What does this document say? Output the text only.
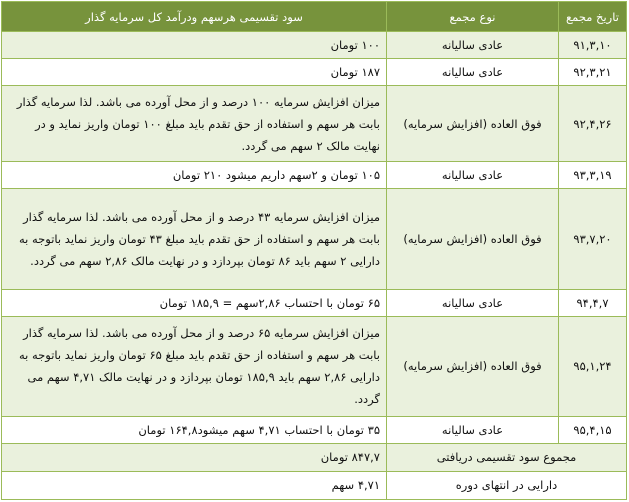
تاریخ مجمع	نوع مجمع	سود تقسیمی هرسهم ودرآمد کل سرمایه گذار
۹۱,۳,۱۰	عادی سالیانه	۱۰۰ تومان
۹۲,۳,۲۱	عادی سالیانه	۱۸۷ تومان
۹۲,۴,۲۶	فوق العاده (افزایش سرمایه)	میزان افزایش سرمایه ۱۰۰ درصد و از محل آورده می باشد. لذا سرمایه گذار بابت هر سهم و استفاده از حق تقدم باید مبلغ ۱۰۰ تومان واریز نماید و در نهایت مالک ۲ سهم می گردد.
۹۳,۳,۱۹	عادی سالیانه	۱۰۵ تومان و ۲سهم داریم میشود ۲۱۰ تومان
۹۳,۷,۲۰	فوق العاده (افزایش سرمایه)	میزان افزایش سرمایه ۴۳ درصد و از محل آورده می باشد. لذا سرمایه گذار بابت هر سهم و استفاده از حق تقدم باید مبلغ ۴۳ تومان واریز نماید باتوجه به دارایی ۲ سهم باید ۸۶ تومان بپردازد و در نهایت مالک ۲,۸۶ سهم می گردد.
۹۴,۴,۷	عادی سالیانه	۶۵ تومان با احتساب ۲,۸۶سهم = ۱۸۵,۹ تومان
۹۵,۱,۲۴	فوق العاده (افزایش سرمایه)	میزان افزایش سرمایه ۶۵ درصد و از محل آورده می باشد. لذا سرمایه گذار بابت هر سهم و استفاده از حق تقدم باید مبلغ ۶۵ تومان واریز نماید باتوجه به دارایی ۲,۸۶ سهم باید ۱۸۵,۹ تومان بپردازد و در نهایت مالک ۴,۷۱ سهم می گردد.
۹۵,۴,۱۵	عادی سالیانه	۳۵ تومان با احتساب ۴,۷۱ سهم میشود۱۶۴,۸ تومان
مجموع سود تقسیمی دریافتی		۸۴۷,۷ تومان
دارایی در انتهای دوره		۴,۷۱ سهم
